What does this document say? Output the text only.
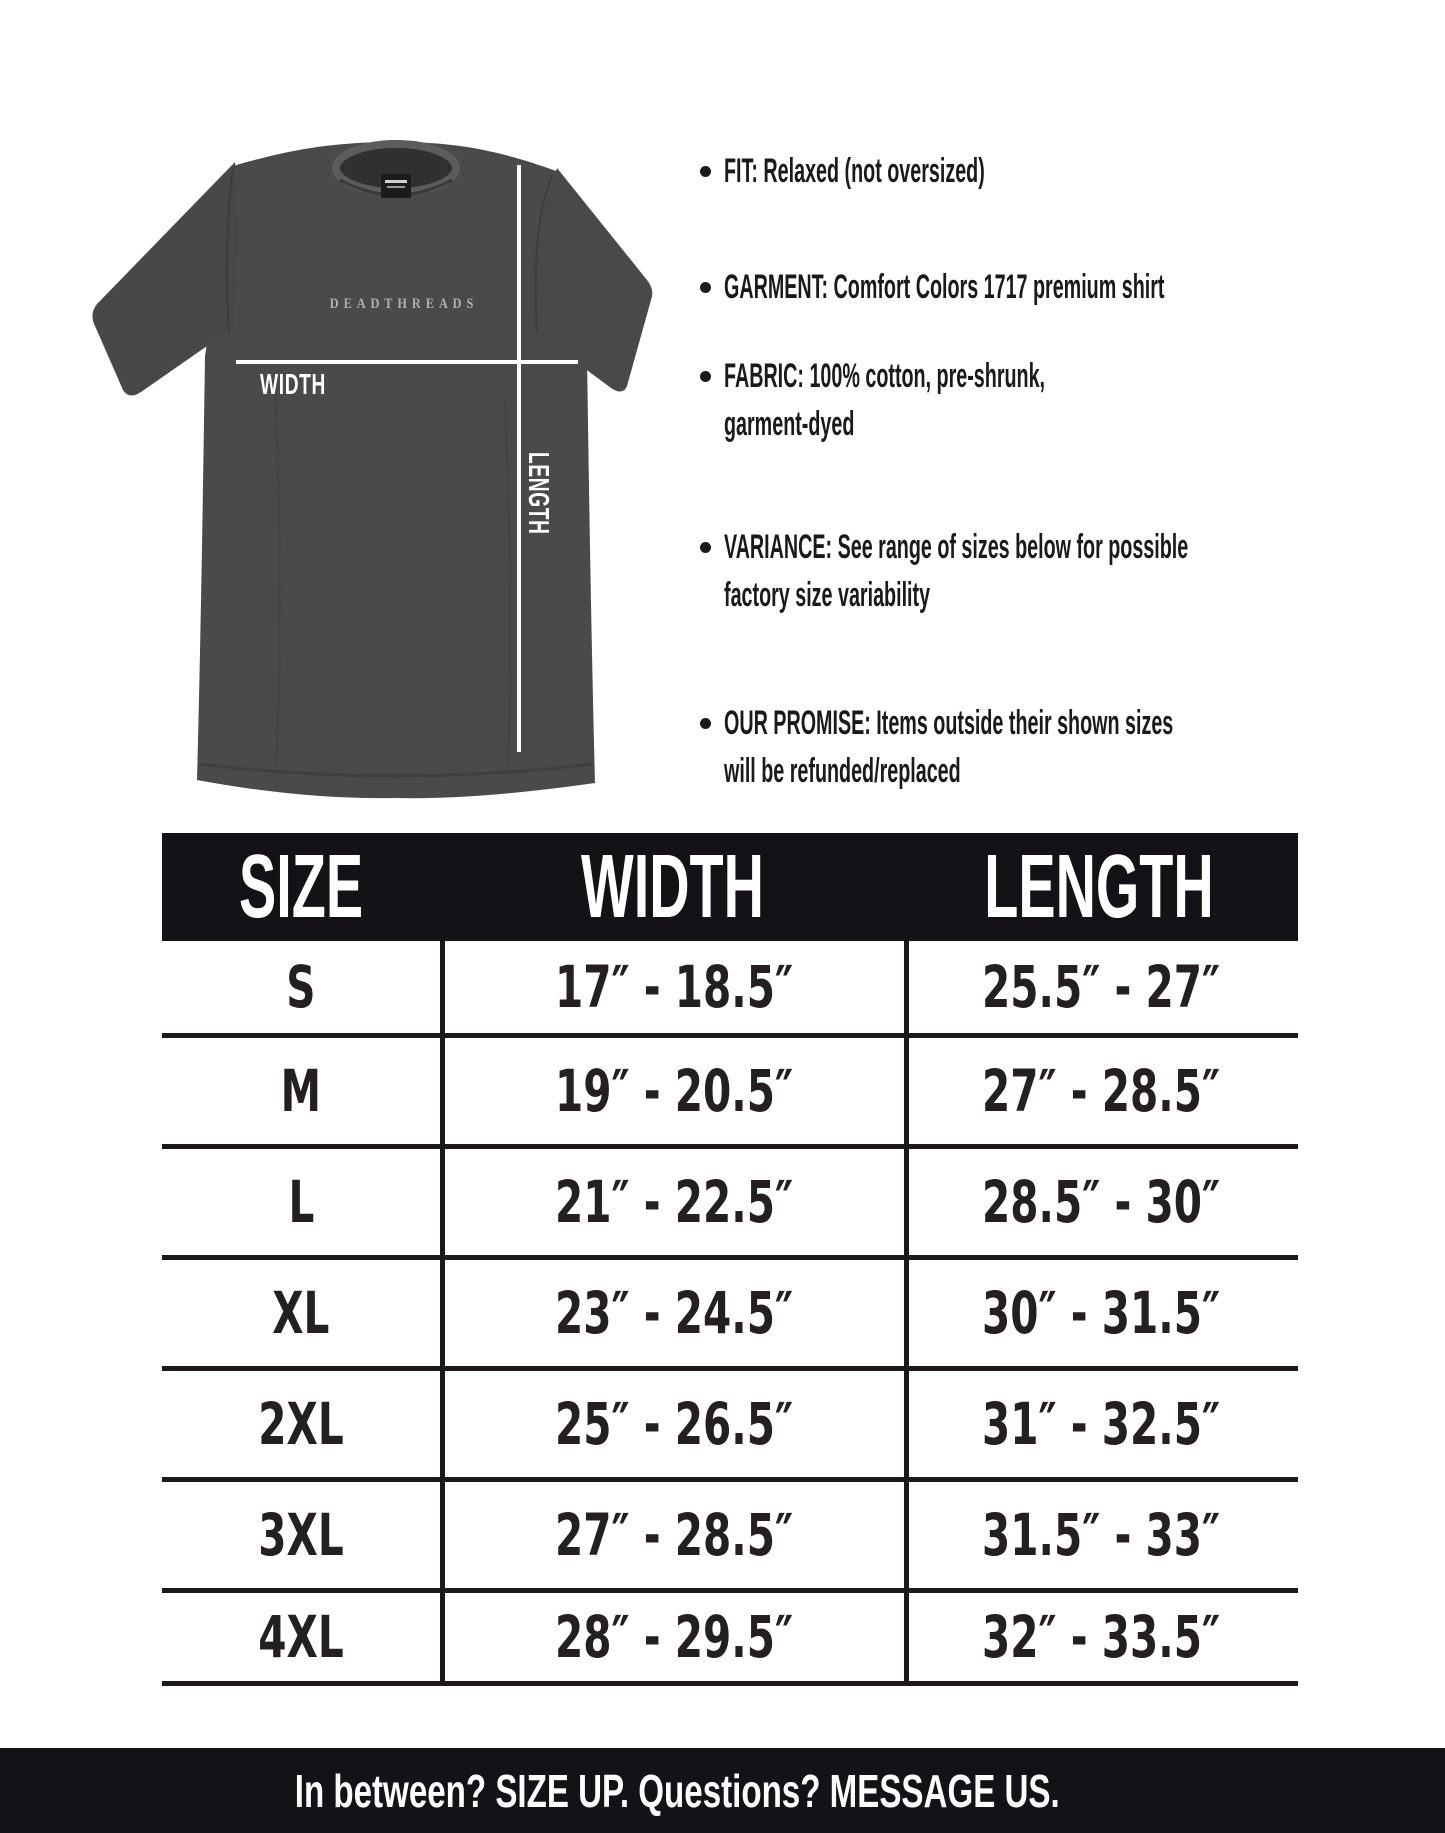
DEADTHREADS
WIDTH
LENGTH
FIT: Relaxed (not oversized)
GARMENT: Comfort Colors 1717 premium shirt
FABRIC: 100% cotton, pre-shrunk,
garment-dyed
VARIANCE: See range of sizes below for possible
factory size variability
OUR PROMISE: Items outside their shown sizes
will be refunded/replaced
SIZE WIDTH LENGTH
S	17″ - 18.5″	25.5″ - 27″
M	19″ - 20.5″	27″ - 28.5″
L	21″ - 22.5″	28.5″ - 30″
XL	23″ - 24.5″	30″ - 31.5″
2XL	25″ - 26.5″	31″ - 32.5″
3XL	27″ - 28.5″	31.5″ - 33″
4XL	28″ - 29.5″	32″ - 33.5″
In between? SIZE UP. Questions? MESSAGE US.
